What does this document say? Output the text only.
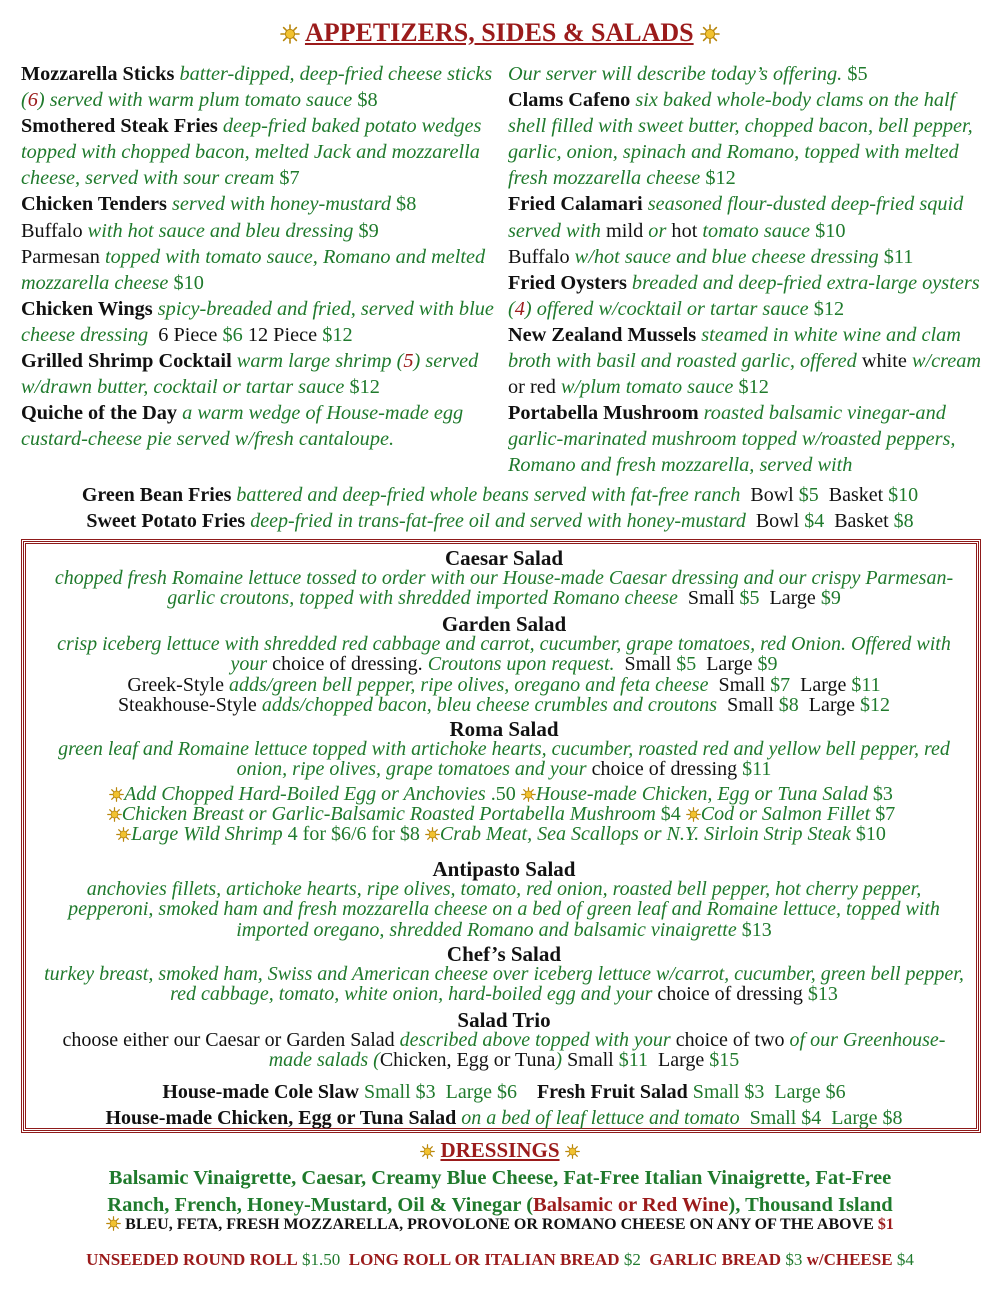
APPETIZERS, SIDES & SALADS
Mozzarella Sticks batter-dipped, deep-fried cheese sticks (6) served with warm plum tomato sauce $8
Smothered Steak Fries deep-fried baked potato wedges topped with chopped bacon, melted Jack and mozzarella cheese, served with sour cream $7
Chicken Tenders served with honey-mustard $8
Buffalo with hot sauce and bleu dressing $9
Parmesan topped with tomato sauce, Romano and melted mozzarella cheese $10
Chicken Wings spicy-breaded and fried, served with blue cheese dressing 6 Piece $6 12 Piece $12
Grilled Shrimp Cocktail warm large shrimp (5) served w/drawn butter, cocktail or tartar sauce $12
Quiche of the Day a warm wedge of House-made egg custard-cheese pie served w/fresh cantaloupe.
Our server will describe today’s offering. $5
Clams Cafeno six baked whole-body clams on the half shell filled with sweet butter, chopped bacon, bell pepper, garlic, onion, spinach and Romano, topped with melted fresh mozzarella cheese $12
Fried Calamari seasoned flour-dusted deep-fried squid served with mild or hot tomato sauce $10
Buffalo w/hot sauce and blue cheese dressing $11
Fried Oysters breaded and deep-fried extra-large oysters (4) offered w/cocktail or tartar sauce $12
New Zealand Mussels steamed in white wine and clam broth with basil and roasted garlic, offered white w/cream or red w/plum tomato sauce $12
Portabella Mushroom roasted balsamic vinegar-and garlic-marinated mushroom topped w/roasted peppers, Romano and fresh mozzarella, served with
Green Bean Fries battered and deep-fried whole beans served with fat-free ranch Bowl $5 Basket $10
Sweet Potato Fries deep-fried in trans-fat-free oil and served with honey-mustard Bowl $4 Basket $8
Caesar Salad
chopped fresh Romaine lettuce tossed to order with our House-made Caesar dressing and our crispy Parmesan-garlic croutons, topped with shredded imported Romano cheese Small $5 Large $9
Garden Salad
crisp iceberg lettuce with shredded red cabbage and carrot, cucumber, grape tomatoes, red Onion. Offered with your choice of dressing. Croutons upon request. Small $5 Large $9
Greek-Style adds/green bell pepper, ripe olives, oregano and feta cheese Small $7 Large $11
Steakhouse-Style adds/chopped bacon, bleu cheese crumbles and croutons Small $8 Large $12
Roma Salad
green leaf and Romaine lettuce topped with artichoke hearts, cucumber, roasted red and yellow bell pepper, red onion, ripe olives, grape tomatoes and your choice of dressing $11
Antipasto Salad
anchovies fillets, artichoke hearts, ripe olives, tomato, red onion, roasted bell pepper, hot cherry pepper, pepperoni, smoked ham and fresh mozzarella cheese on a bed of green leaf and Romaine lettuce, topped with imported oregano, shredded Romano and balsamic vinaigrette $13
Chef’s Salad
turkey breast, smoked ham, Swiss and American cheese over iceberg lettuce w/carrot, cucumber, green bell pepper, red cabbage, tomato, white onion, hard-boiled egg and your choice of dressing $13
Salad Trio
choose either our Caesar or Garden Salad described above topped with your choice of two of our Greenhouse-made salads (Chicken, Egg or Tuna) Small $11 Large $15
House-made Cole Slaw Small $3 Large $6 Fresh Fruit Salad Small $3 Large $6
House-made Chicken, Egg or Tuna Salad on a bed of leaf lettuce and tomato Small $4 Large $8
Add Chopped Hard-Boiled Egg or Anchovies .50 House-made Chicken, Egg or Tuna Salad $3
Chicken Breast or Garlic-Balsamic Roasted Portabella Mushroom $4 Cod or Salmon Fillet $7
Large Wild Shrimp 4 for $6/6 for $8 Crab Meat, Sea Scallops or N.Y. Sirloin Strip Steak $10
DRESSINGS
Balsamic Vinaigrette, Caesar, Creamy Blue Cheese, Fat-Free Italian Vinaigrette, Fat-Free
Ranch, French, Honey-Mustard, Oil & Vinegar (Balsamic or Red Wine), Thousand Island
BLEU, FETA, FRESH MOZZARELLA, PROVOLONE OR ROMANO CHEESE ON ANY OF THE ABOVE $1
UNSEEDED ROUND ROLL $1.50 LONG ROLL OR ITALIAN BREAD $2 GARLIC BREAD $3 w/CHEESE $4
